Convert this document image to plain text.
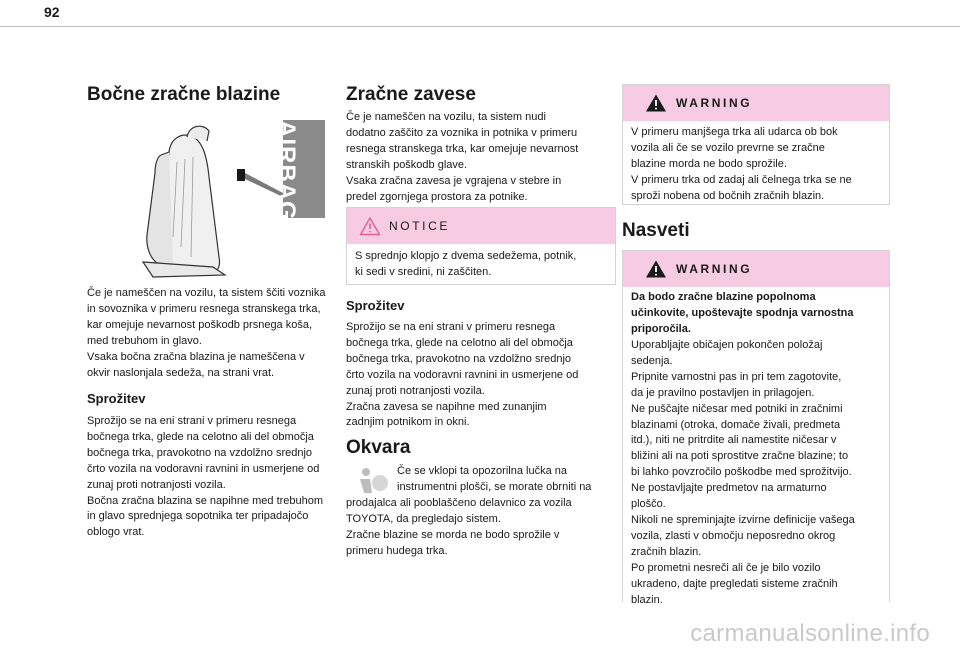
92
Bočne zračne blazine
AIRBAG
Če je nameščen na vozilu, ta sistem ščiti voznika
in sovoznika v primeru resnega stranskega trka,
kar omejuje nevarnost poškodb prsnega koša,
med trebuhom in glavo.
Vsaka bočna zračna blazina je nameščena v
okvir naslonjala sedeža, na strani vrat.
Sprožitev
Sprožijo se na eni strani v primeru resnega
bočnega trka, glede na celotno ali del območja
bočnega trka, pravokotno na vzdolžno srednjo
črto vozila na vodoravni ravnini in usmerjene od
zunaj proti notranjosti vozila.
Bočna zračna blazina se napihne med trebuhom
in glavo sprednjega sopotnika ter pripadajočo
oblogo vrat.
Zračne zavese
Če je nameščen na vozilu, ta sistem nudi
dodatno zaščito za voznika in potnika v primeru
resnega stranskega trka, kar omejuje nevarnost
stranskih poškodb glave.
Vsaka zračna zavesa je vgrajena v stebre in
predel zgornjega prostora za potnike.
NOTICE
S sprednjo klopjo z dvema sedežema, potnik,
ki sedi v sredini, ni zaščiten.
Sprožitev
Sprožijo se na eni strani v primeru resnega
bočnega trka, glede na celotno ali del območja
bočnega trka, pravokotno na vzdolžno srednjo
črto vozila na vodoravni ravnini in usmerjene od
zunaj proti notranjosti vozila.
Zračna zavesa se napihne med zunanjim
zadnjim potnikom in okni.
Okvara
Če se vklopi ta opozorilna lučka na
instrumentni plošči, se morate obrniti na
prodajalca ali pooblaščeno delavnico za vozila
TOYOTA, da pregledajo sistem.
Zračne blazine se morda ne bodo sprožile v
primeru hudega trka.
WARNING
V primeru manjšega trka ali udarca ob bok
vozila ali če se vozilo prevrne se zračne
blazine morda ne bodo sprožile.
V primeru trka od zadaj ali čelnega trka se ne
sproži nobena od bočnih zračnih blazin.
Nasveti
WARNING
Da bodo zračne blazine popolnoma
učinkovite, upoštevajte spodnja varnostna
priporočila.
Uporabljajte običajen pokončen položaj
sedenja.
Pripnite varnostni pas in pri tem zagotovite,
da je pravilno postavljen in prilagojen.
Ne puščajte ničesar med potniki in zračnimi
blazinami (otroka, domače živali, predmeta
itd.), niti ne pritrdite ali namestite ničesar v
bližini ali na poti sprostitve zračne blazine; to
bi lahko povzročilo poškodbe med sprožitvijo.
Ne postavljajte predmetov na armaturno
ploščo.
Nikoli ne spreminjajte izvirne definicije vašega
vozila, zlasti v območju neposredno okrog
zračnih blazin.
Po prometni nesreči ali če je bilo vozilo
ukradeno, dajte pregledati sisteme zračnih
blazin.
carmanualsonline.info
